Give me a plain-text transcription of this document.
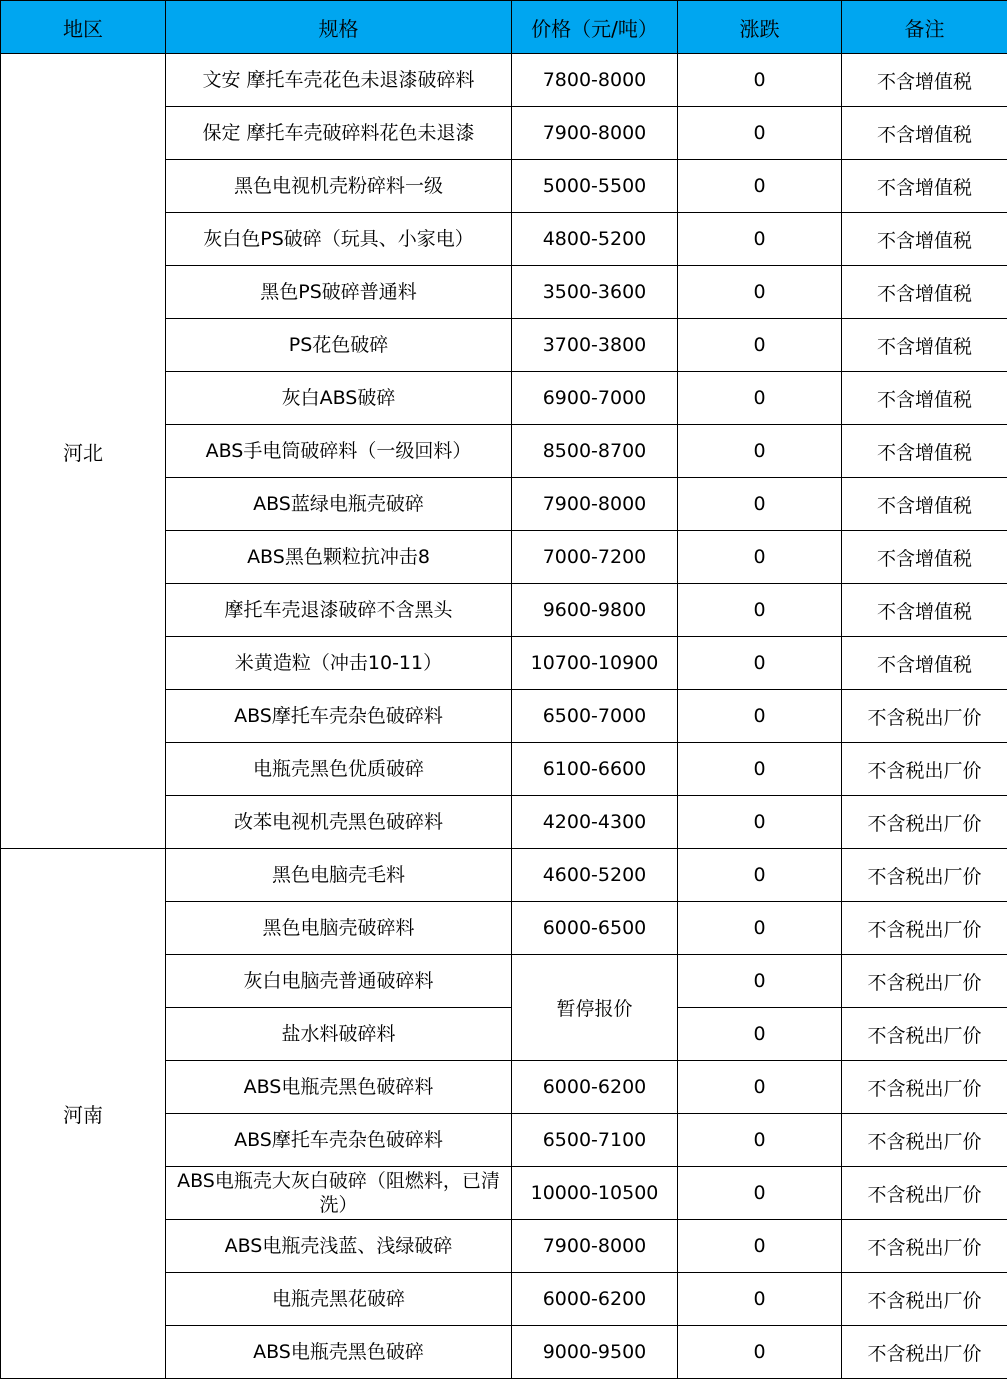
地区	规格	价格（元/吨）	涨跌	备注
河北	文安 摩托车壳花色未退漆破碎料	7800-8000	0	不含增值税
	保定 摩托车壳破碎料花色未退漆	7900-8000	0	不含增值税
	黑色电视机壳粉碎料一级	5000-5500	0	不含增值税
	灰白色PS破碎（玩具、小家电）	4800-5200	0	不含增值税
	黑色PS破碎普通料	3500-3600	0	不含增值税
	PS花色破碎	3700-3800	0	不含增值税
	灰白ABS破碎	6900-7000	0	不含增值税
	ABS手电筒破碎料（一级回料）	8500-8700	0	不含增值税
	ABS蓝绿电瓶壳破碎	7900-8000	0	不含增值税
	ABS黑色颗粒抗冲击8	7000-7200	0	不含增值税
	摩托车壳退漆破碎不含黑头	9600-9800	0	不含增值税
	米黄造粒（冲击10-11）	10700-10900	0	不含增值税
	ABS摩托车壳杂色破碎料	6500-7000	0	不含税出厂价
	电瓶壳黑色优质破碎	6100-6600	0	不含税出厂价
	改苯电视机壳黑色破碎料	4200-4300	0	不含税出厂价
河南	黑色电脑壳毛料	4600-5200	0	不含税出厂价
	黑色电脑壳破碎料	6000-6500	0	不含税出厂价
	灰白电脑壳普通破碎料	暂停报价	0	不含税出厂价
	盐水料破碎料		0	不含税出厂价
	ABS电瓶壳黑色破碎料	6000-6200	0	不含税出厂价
	ABS摩托车壳杂色破碎料	6500-7100	0	不含税出厂价
	ABS电瓶壳大灰白破碎（阻燃料，已清洗）	10000-10500	0	不含税出厂价
	ABS电瓶壳浅蓝、浅绿破碎	7900-8000	0	不含税出厂价
	电瓶壳黑花破碎	6000-6200	0	不含税出厂价
	ABS电瓶壳黑色破碎	9000-9500	0	不含税出厂价
